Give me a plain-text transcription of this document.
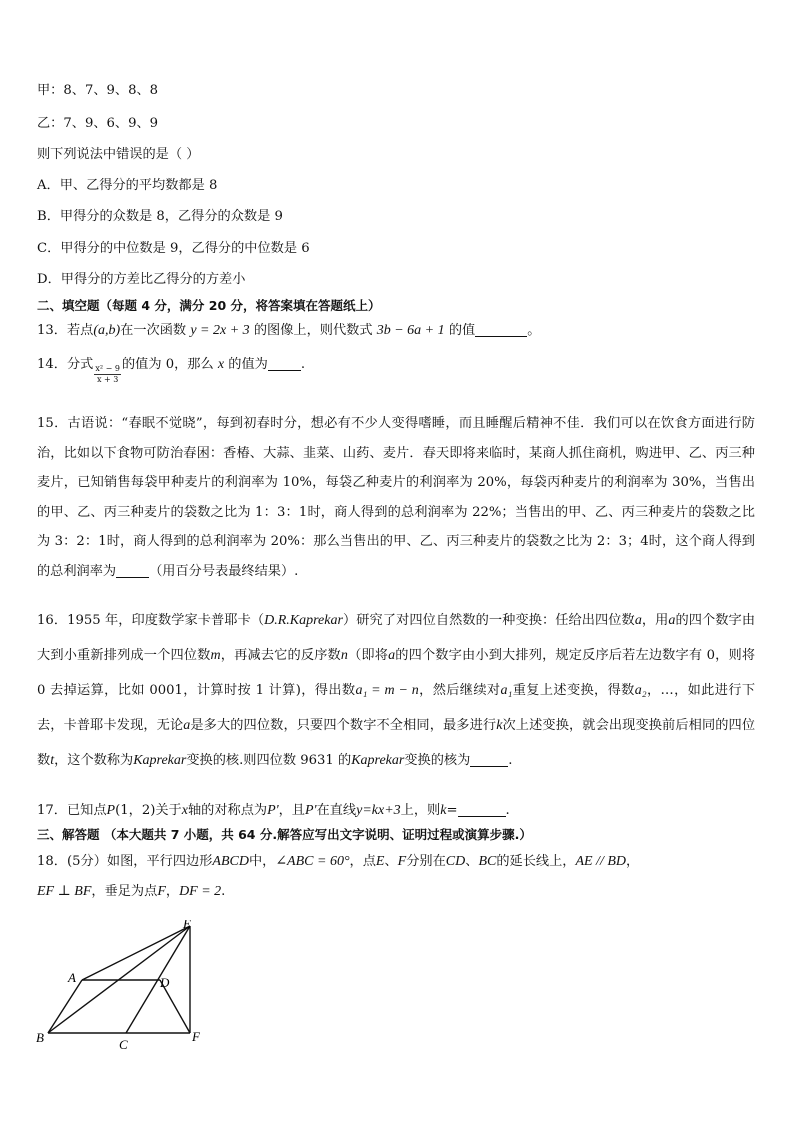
甲：8、7、9、8、8
乙：7、9、6、9、9
则下列说法中错误的是（ ）
A．甲、乙得分的平均数都是 8
B．甲得分的众数是 8，乙得分的众数是 9
C．甲得分的中位数是 9，乙得分的中位数是 6
D．甲得分的方差比乙得分的方差小
二、填空题（每题 4 分，满分 20 分，将答案填在答题纸上）
13．若点(a,b)在一次函数 y = 2x + 3 的图像上，则代数式 3b − 6a + 1 的值	。
14．分式 $\frac{\text{x² − 9}}{x + 3}$ 的值为 0，那么 x 的值为	.
15．古语说：“春眠不觉晓”，每到初春时分，想必有不少人变得嗜睡，而且睡醒后精神不佳．我们可以在饮食方面进行防治，比如以下食物可防治春困：香椿、大蒜、韭菜、山药、麦片．春天即将来临时，某商人抓住商机，购进甲、乙、丙三种麦片，已知销售每袋甲种麦片的利润率为 10%，每袋乙种麦片的利润率为 20%，每袋丙种麦片的利润率为 30%，当售出的甲、乙、丙三种麦片的袋数之比为 1：3：1时，商人得到的总利润率为 22%；当售出的甲、乙、丙三种麦片的袋数之比为 3：2：1时，商人得到的总利润率为 20%：那么当售出的甲、乙、丙三种麦片的袋数之比为 2：3；4时，这个商人得到的总利润率为	（用百分号表最终结果）.
16．1955 年，印度数学家卡普耶卡（D.R.Kaprekar）研究了对四位自然数的一种变换：任给出四位数a，用a的四个数字由大到小重新排列成一个四位数m，再减去它的反序数n（即将a的四个数字由小到大排列，规定反序后若左边数字有 0，则将 0 去掉运算，比如 0001，计算时按 1 计算)，得出数a₁ = m − n，然后继续对a₁重复上述变换，得数a₂，…，如此进行下去，卡普耶卡发现，无论a是多大的四位数，只要四个数字不全相同，最多进行k次上述变换，就会出现变换前后相同的四位数t，这个数称为Kaprekar变换的核.则四位数 9631 的Kaprekar变换的核为	.
17．已知点P(1，2)关于x轴的对称点为P'，且P'在直线y=kx+3上，则k=	.
三、解答题 （本大题共 7 小题，共 64 分.解答应写出文字说明、证明过程或演算步骤.）
18．(5分）如图，平行四边形ABCD中，∠ABC = 60°，点E、F分别在CD、BC的延长线上，AE // BD，
EF ⊥ BF，垂足为点F，DF = 2.
A
B	C
D
E
F
